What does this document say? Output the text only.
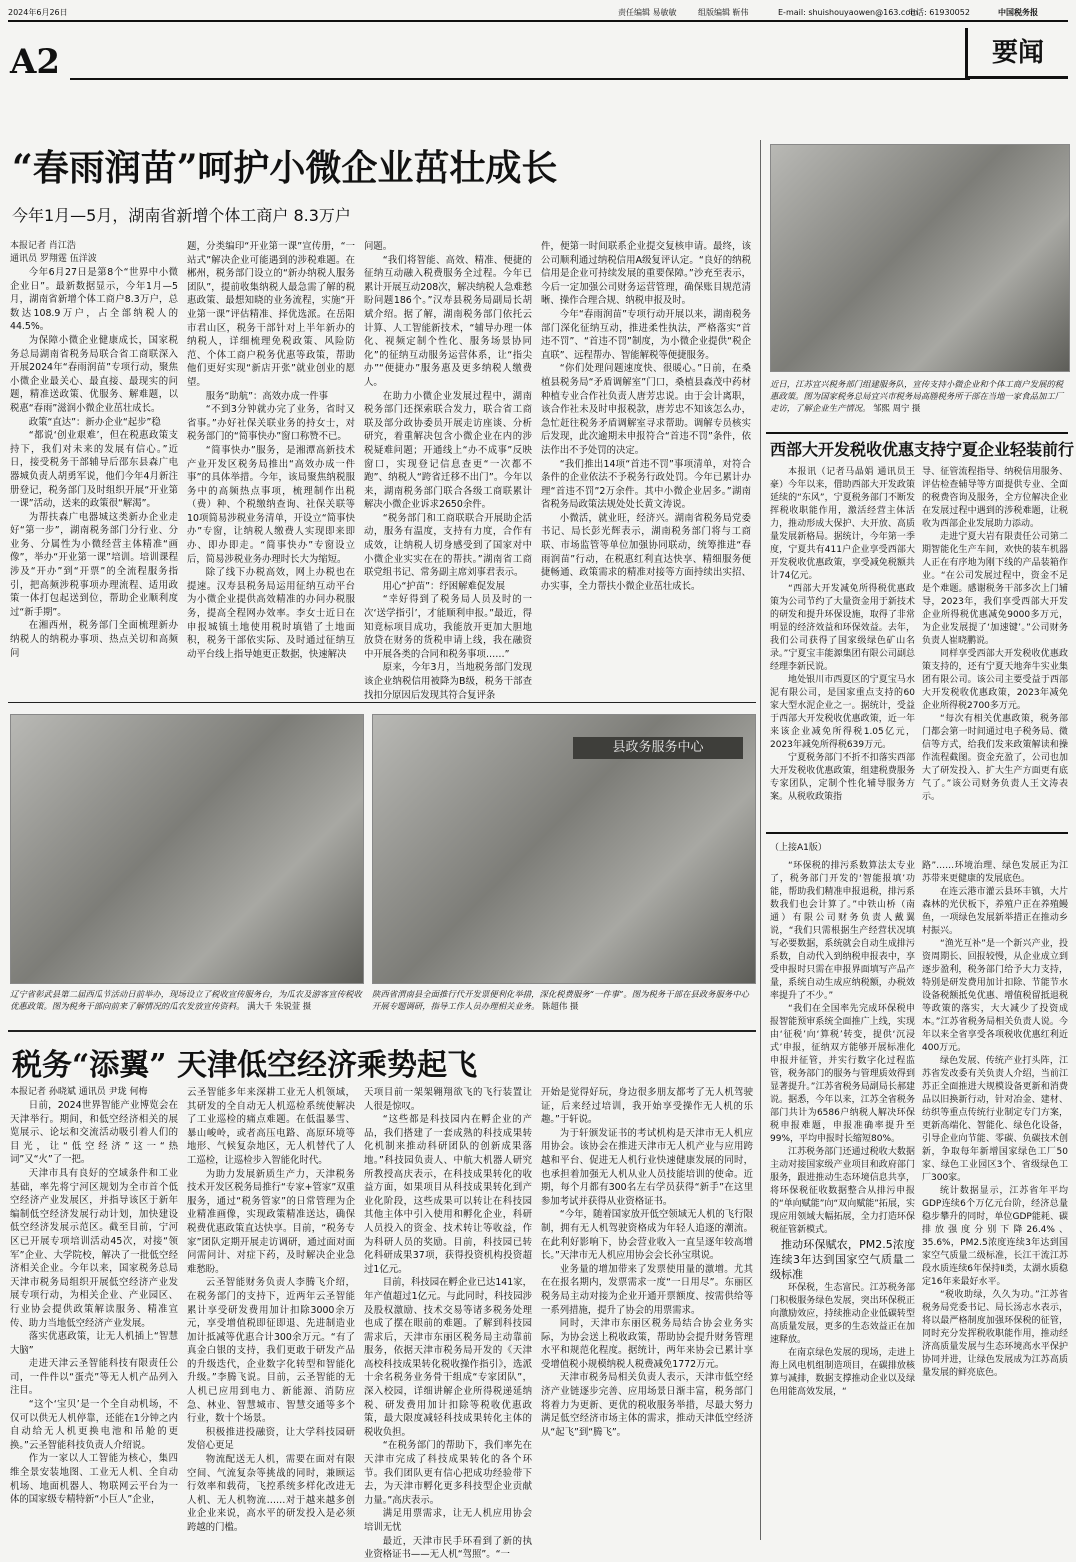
2024年6月26日	责任编辑 易敏敏	组版编辑 靳伟	E-mail: shuishouyaowen@163.com
电话: 61930052	中国税务报
A2	要闻
“春雨润苗”呵护小微企业茁壮成长
今年1月—5月，湖南省新增个体工商户 8.3万户
本报记者 肖江浩
通讯员 罗翔霆 伍洋波

今年6月27日是第8个“世界中小微企业日”。最新数据显示，今年1月—5月，湖南省新增个体工商户8.3万户，总数达108.9万户，占全部纳税人的44.5%。

为保障小微企业健康成长，国家税务总局湖南省税务局联合省工商联深入开展2024年“春雨润苗”专项行动，聚焦小微企业最关心、最直接、最现实的问题，精准送政策、优服务、解难题，以税惠“春雨”滋润小微企业茁壮成长。

政策“直达”：新办企业“起步”稳

“都说‘创业艰难’，但在税惠政策支持下，我们对未来的发展有信心。”近日，接受税务干部辅导后邵东县森广电器城负责人胡勇军说，他们今年4月新注册登记，税务部门及时组织开展“开业第一课”活动，送来的政策很“解渴”。

为帮扶森广电器城这类新办企业走好“第一步”，湖南税务部门分行业、分业务、分属性为小微经营主体精准“画像”，举办“开业第一课”培训。培训课程涉及“开办”到“开票”的全流程服务指引，把高频涉税事项办理流程、适用政策一体打包起送到位，帮助企业顺利度过“新手期”。

在湘西州，税务部门全面梳理新办纳税人的纳税办事项、热点关切和高频问

题，分类编印“开业第一课”宣传册，“一站式”解决企业可能遇到的涉税难题。在郴州，税务部门设立的“新办纳税人服务团队”，提前收集纳税人最急需了解的税惠政策、最想知晓的业务流程，实施“开业第一课”评估精准、择优选派。在岳阳市君山区，税务干部针对上半年新办的纳税人，详细梳理免税政策、风险防范、个体工商户税务优惠等政策，帮助他们更好实现“新店开张”就业创业的愿望。

服务“助航”：高效办成一件事

“不到3分钟就办完了业务，省时又省事。”办好社保关联业务的持女士，对税务部门的“简事快办”窗口称赞不已。

“简事快办”服务，是湘潭高新技术产业开发区税务局推出“高效办成一件事”的具体举措。今年，该局聚焦纳税服务中的高频热点事项，梳理制作出税（费）种、个税缴纳查询、社保关联等10项简易涉税业务清单，开设立“简事快办”专窗，让纳税人缴费人实现即来即办、即办即走。“简事快办”专窗设立后，简易涉税业务办理时长大为缩短。

除了线下办税高效，网上办税也在提速。汉寿县税务局运用征纳互动平台为小微企业提供高效精准的办问办税服务，提高全程网办效率。李女士近日在申报城镇土地使用税时填错了土地面积，税务干部依实际、及时通过征纳互动平台线上指导她更正数据，快速解决

问题。

“我们将智能、高效、精准、便捷的征纳互动融入税费服务全过程。今年已累计开展互动208次，解决纳税人急难愁盼问题186个。”汉寿县税务局副局长胡斌介绍。据了解，湖南税务部门依托云计算、人工智能新技术，“辅导办理一体化、视频定制个性化、服务场景协同化”的征纳互动服务运营体系，让“指尖办”“便捷办”服务惠及更多纳税人缴费人。

在助力小微企业发展过程中，湖南税务部门还探索联合发力，联合省工商联及部分政协委员开展走访座谈、分析研究，着重解决包含小微企业在内的涉税疑难问题；开通线上“办不成事”反映窗口，实现登记信息查更“一次都不跑”、纳税人“跨省迁移不出门”。今年以来，湖南税务部门联合各级工商联累计解决小微企业诉求2650余件。

“税务部门和工商联联合开展助企活动，服务有温度，支持有力度，合作有成效，让纳税人切身感受到了国家对中小微企业实实在在的帮扶。”湖南省工商联党组书记、常务副主席刘事君表示。

用心“护苗”：纾困解难促发展

“幸好得到了税务局人员及时的一次‘送学指引’，才能顺利申报。”最近，得知竟标项目成功，我能放开更加大胆地放贷在财务的货税申请上线，我在融资中开展各类的合同和税务事项……”

原来，今年3月，当地税务部门发现该企业纳税信用被降为B级，税务干部查找扣分原因后发现其符合复评条

件，便第一时间联系企业提交复核申请。最终，该公司顺利通过纳税信用A级复评认定。“良好的纳税信用是企业可持续发展的重要保障。”沙充至表示，今后一定加强公司财务运营管理，确保账目规范清晰、操作合理合规、纳税申报及时。

今年“春雨润苗”专项行动开展以来，湖南税务部门深化征纳互动，推进柔性执法，严格落实“首违不罚”、“首违不罚”制度，为小微企业提供“税企直联”、远程帮办、智能解税等便捷服务。

“你们处理问题速度快、很暖心。”日前，在桑植县税务局“矛盾调解室”门口，桑植县森茂中药材种植专业合作社负责人唐芳忠说。由于会计离职，该合作社未及时申报税款，唐芳忠不知该怎么办，急忙赶往税务矛盾调解室寻求帮助。调解专员核实后发现，此次逾期未申报符合“首违不罚”条件，依法作出不予处罚的决定。

“我们推出14项“首违不罚”事项清单，对符合条件的企业依法不予税务行政处罚。今年已累计办理“首违不罚”2万余件。其中小微企业居多。”湖南省税务局政策法规处处长黄文涛说。

小微活，就业旺，经济兴。湖南省税务局党委书记、局长彭光辉表示，湖南税务部门将与工商联、市场监管等单位加强协同联动，统筹推进“春雨润苗”行动，在税惠红利直达快享、精细服务便捷畅通、政策需求的精准对接等方面持续出实招、办实事，全力帮扶小微企业茁壮成长。

近日，江苏宜兴税务部门组建服务队，宣传支持小微企业和个体工商户发展的税惠政策。图为国家税务总局宜兴市税务局高塍税务所干部在当地一家食品加工厂走访，了解企业生产情况。 邹熙 周宁 摄
西部大开发税收优惠支持宁夏企业轻装前行

本报讯（记者马晶娟 通讯员王豪）今年以来，借助西部大开发政策延续的“东风”，宁夏税务部门不断发挥税收职能作用，激活经营主体活力，推动形成大保护、大开放、高质量发展新格局。据统计，今年第一季度，宁夏共有411户企业享受西部大开发税收优惠政策，享受减免税额共计74亿元。

“西部大开发减免所得税优惠政策为公司节约了大量资金用于新技术的研发和提升环保设施，取得了非常明显的经济效益和环保效益。去年，我们公司获得了国家级绿色矿山名录。”宁夏宝丰能源集团有限公司副总经理李新民说。

地处银川市西夏区的宁夏宝马水泥有限公司，是国家重点支持的60家大型水泥企业之一。据统计，受益于西部大开发税收优惠政策，近一年来该企业减免所得税1.05亿元，2023年减免所得税639万元。

宁夏税务部门不折不扣落实西部大开发税收优惠政策，组建税费服务专家团队，定制个性化辅导服务方案。从税收政策指

导、征管流程指导、纳税信用服务、评估检查辅导等方面提供专业、全面的税费咨询及服务，全方位解决企业在发展过程中遇到的涉税难题，让税收为西部企业发展助力添动。

走进宁夏大岩有限责任公司第二期智能化生产车间，欢快的装车机器人正在有序地为刚下线的产品装箱作业。“在公司发展过程中，资金不足是个难题。感谢税务干部多次上门辅导，2023年，我们享受西部大开发企业所得税优惠减免9000多万元，为企业发展提了‘加速键’。”公司财务负责人崔晓鹏说。

同样享受西部大开发税收优惠政策支持的，还有宁夏天地奔牛实业集团有限公司。该公司主要受益于西部大开发税收优惠政策，2023年减免企业所得税2700多万元。

“每次有相关优惠政策，税务部门都会第一时间通过电子税务局、微信等方式，给我们发来政策解读和操作流程截图。资金充盈了，公司也加大了研发投入、扩大生产方面更有底气了。”该公司财务负责人王文涛表示。

（上接A1版）

“环保税的排污系数算法太专业了，税务部门开发的‘智能报填’功能，帮助我们精准申报退税，排污系数我们也会计算了。”中铁山桥（南通）有限公司财务负责人戴翼说，“我们只需根据生产经营状况填写必要数据，系统就会自动生成排污系数，自动代入到纳税申报表中，享受申报时只需在申报界面填写产品产量，系统自动生成应纳税额，办税效率提升了不少。”

“我们在全国率先完成环保税申报智能预审系统全面推广上线，实现由‘征税’向‘算税’转变，提供‘沉浸式’申报，征纳双方能够开展标准化申报并征管，并实行数字化过程监管，税务部门的服务与管理质效得到显著提升。”江苏省税务局副局长郝建说。据悉，今年以来，江苏全省税务部门共计为6586户纳税人解决环保税申报难题，申报准确率提升至99%，平均申报时长缩短80%。

江苏税务部门还通过税收大数据主动对接国家级产业项目和政府部门服务，跟进推动生态环境信息共享，将环保税征收数据整合从排污申报的“单向赋能”向“双向赋能”拓展，实现应用领域大幅拓展，全力打造环保税征管新模式。

推动环保赋农，PM2.5浓度连续3年达到国家空气质量二级标准

环保税，生态富民。江苏税务部门积极服务绿色发展，突出环保税正向激励效应，持续推动企业低碳转型高质量发展，更多的生态效益正在加速释放。

在南京绿色发展的现场，走进上海上风电机组制造项目，在碳排放核算与减排，数据支撑推动企业以及绿色用能高效发展，“

路”……环境治理、绿色发展正为江苏带来更健康的发展底色。

在连云港市灌云县环丰镇，大片森林的光伏板下，养殖户正在养殖鳗鱼，一项绿色发展新举措正在推动乡村振兴。

“渔光互补”是一个新兴产业，投资周期长、回报较慢，从企业成立到逐步盈利，税务部门给予大力支持，特别是研发费用加计扣除、节能节水设备税额抵免优惠、增值税留抵退税等政策的落实，大大减少了投资成本。”江苏省税务局相关负责人说。今年以来全省享受各项税收优惠红利近400万元。

绿色发展、传统产业打头阵，江苏省发改委有关负责人介绍，当前江苏正全面推进大规模设备更新和消费品以旧换新行动，针对冶金、建材、纺织等重点传统行业制定专门方案，更新高端化、智能化、绿色化设备，引导企业向节能、零碳、负碳技术创新，争取每年新增国家绿色工厂50家、绿色工业园区3个、省级绿色工厂300家。

统计数据显示，江苏省年平均GDP连续6个万亿元台阶，经济总量稳步攀升的同时，单位GDP能耗、碳排放强度分别下降26.4%、35.6%，PM2.5浓度连续3年达到国家空气质量二级标准，长江干流江苏段水质连续6年保持Ⅱ类，太湖水质稳定16年来最好水平。

“税收助绿，久久为功。”江苏省税务局党委书记、局长汤志水表示，将以最严格制度加强环保税的征管，同时充分发挥税收职能作用，推动经济高质量发展与生态环境高水平保护协同并进，让绿色发展成为江苏高质量发展的鲜亮底色。

辽宁省彰武县第二届西瓜节活动日前举办，现场设立了税收宣传服务台，为瓜农及游客宣传税收优惠政策。图为税务干部向前来了解情况的瓜农发放宣传资料。 满大千 朱锐萱 摄
县政务服务中心
陕西省渭南县全面推行代开发票便利化举措，深化税费服务“一件事”。图为税务干部在县政务服务中心开展专题调研，指导工作人员办理相关业务。 陈超伟 摄
税务“添翼” 天津低空经济乘势起飞
本报记者 孙晓斌 通讯员 尹珑 何梅

日前，2024世界智能产业博览会在天津举行。期间，和低空经济相关的展览展示、论坛和交流活动吸引着人们的目光，让“低空经济”这一“热词”又“火”了一把。

天津市具有良好的空域条件和工业基础，率先将宁河区规划为全市首个低空经济产业发展区，并指导该区于新年编制低空经济发展行动计划，加快建设低空经济发展示范区。截至目前，宁河区已开展专项培训活动45次，对接“领军”企业、大学院校，解决了一批低空经济相关企业。今年以来，国家税务总局天津市税务局组织开展低空经济产业发展专项行动，为相关企业、产业园区、行业协会提供政策解读服务、精准宣传、助力当地低空经济产业发展。

落实优惠政策，让无人机插上“智慧大脑”

走进天津云圣智能科技有限责任公司，一件件以“蛋壳”等无人机产品列入注目。

“这个‘宝贝’是一个全自动机场，不仅可以供无人机停靠，还能在1分钟之内自动给无人机更换电池和吊舱的更换。”云圣智能科技负责人介绍说。

作为一家以人工智能为核心，集四维全景安装地图、工业无人机、全自动机场、地面机器人、物联网云平台为一体的国家级专精特新“小巨人”企业，

云圣智能多年来深耕工业无人机领域，其研发的全自动无人机巡检系统使解决了工业巡检的痛点难题。在低温暴雪、暴山峻岭，或者高压电路、高原环境等地形、气候复杂地区，无人机替代了人工巡检，让巡检步入智能化时代。

为助力发展新质生产力，天津税务技术开发区税务局推行“专家+管家”双重服务，通过“税务管家”的日常管理为企业精准画像，实现政策精准送达，确保税费优惠政策直达快享。目前，“税务专家”团队定期开展走访调研，通过面对面问需问计、对症下药，及时解决企业急难愁盼。

云圣智能财务负责人李腾飞介绍，在税务部门的支持下，近两年云圣智能累计享受研发费用加计扣除3000余万元，享受增值税即征即退、先进制造业加计抵减等优惠合计300余万元。“有了真金白银的支持，我们更敢于研发产品的升级迭代，企业数字化转型和智能化升级。”李腾飞说。目前，云圣智能的无人机已应用到电力、新能源、消防应急、林业、智慧城市、智慧交通等多个行业，数十个场景。

积极推进投融资，让大学科技园研发倍心更足

物流配送无人机，需要在面对有限空间、气流复杂等挑战的同时，兼顾运行效率和载荷，飞控系统多样化改进无人机、无人机物流……对于越来越多创业企业来说，高水平的研发投入是必须跨越的门槛。

天项目前一架架翱翔欲飞的飞行装置让人很是惊叹。

“这些都是科技园内在孵企业的产品，我们搭建了一套成熟的科技成果转化机制来推动科研团队的创新成果落地。”科技园负责人、中航大机器人研究所教授高庆表示，在科技成果转化的收益方面，如果项目从科技成果转化到产业化阶段，这些成果可以转让在科技园其他主体中引入使用和孵化企业，科研人员投入的资金、技术转让等收益，作为科研人员的奖励。目前，科技园已转化科研成果37项，获得投资机构投资超过1亿元。

目前，科技园在孵企业已达141家，年产值超过1亿元。与此同时，科技园涉及股权激励、技术交易等诸多税务处理也成了摆在眼前的难题。了解到科技园需求后，天津市东丽区税务局主动靠前服务，依据天津市税务局开发的《天津高校科技成果转化税收操作指引》，选派十余名税务业务骨干组成“专家团队”，深入校园，详细讲解企业所得税递延纳税、研发费用加计扣除等税收优惠政策，最大限度减轻科技成果转化主体的税收负担。

“在税务部门的帮助下，我们率先在天津市完成了科技成果转化的各个环节。我们团队更有信心把成功经验带下去，为天津市孵化更多科技型企业贡献力量。”高庆表示。

满足用票需求，让无人机应用协会培训无忧

最近，天津市民手环看到了新的执业资格证书——无人机“驾照”。“一

开始是觉得好玩，身边很多朋友都考了无人机驾驶证，后来经过培训，我开始享受操作无人机的乐趣。”于轩说。

为于轩颁发证书的考试机构是天津市无人机应用协会。该协会在推进天津市无人机产业与应用跨越和平台、促进无人机行业快速健康发展的同时，也承担着加强无人机从业人员技能培训的使命。近期，每个月都有300名左右学员获得“新手”在这里参加考试并获得从业资格证书。

“今年，随着国家放开低空领域无人机的飞行限制，拥有无人机驾驶资格成为年轻人追逐的潮流。在此利好影响下，协会营业收入一直呈逐年较高增长。”天津市无人机应用协会会长孙宝琪说。

业务量的增加带来了发票使用量的激增。尤其在在报名期内，发票需求一度“一日用尽”。东丽区税务局主动对接为企业开通开票额度、按需供给等一系列措施，提升了协会的用票需求。

同时，天津市东丽区税务局结合协会业务实际，为协会送上税收政策，帮助协会提升财务管理水平和规范化程度。据统计，两年来协会已累计享受增值税小规模纳税人税费减免1772万元。

天津市税务局相关负责人表示，天津市低空经济产业链逐步完善、应用场景日渐丰富，税务部门将着力为更新、更优的税收服务举措，尽最大努力满足低空经济市场主体的需求，推动天津低空经济从“起飞”到“腾飞”。
